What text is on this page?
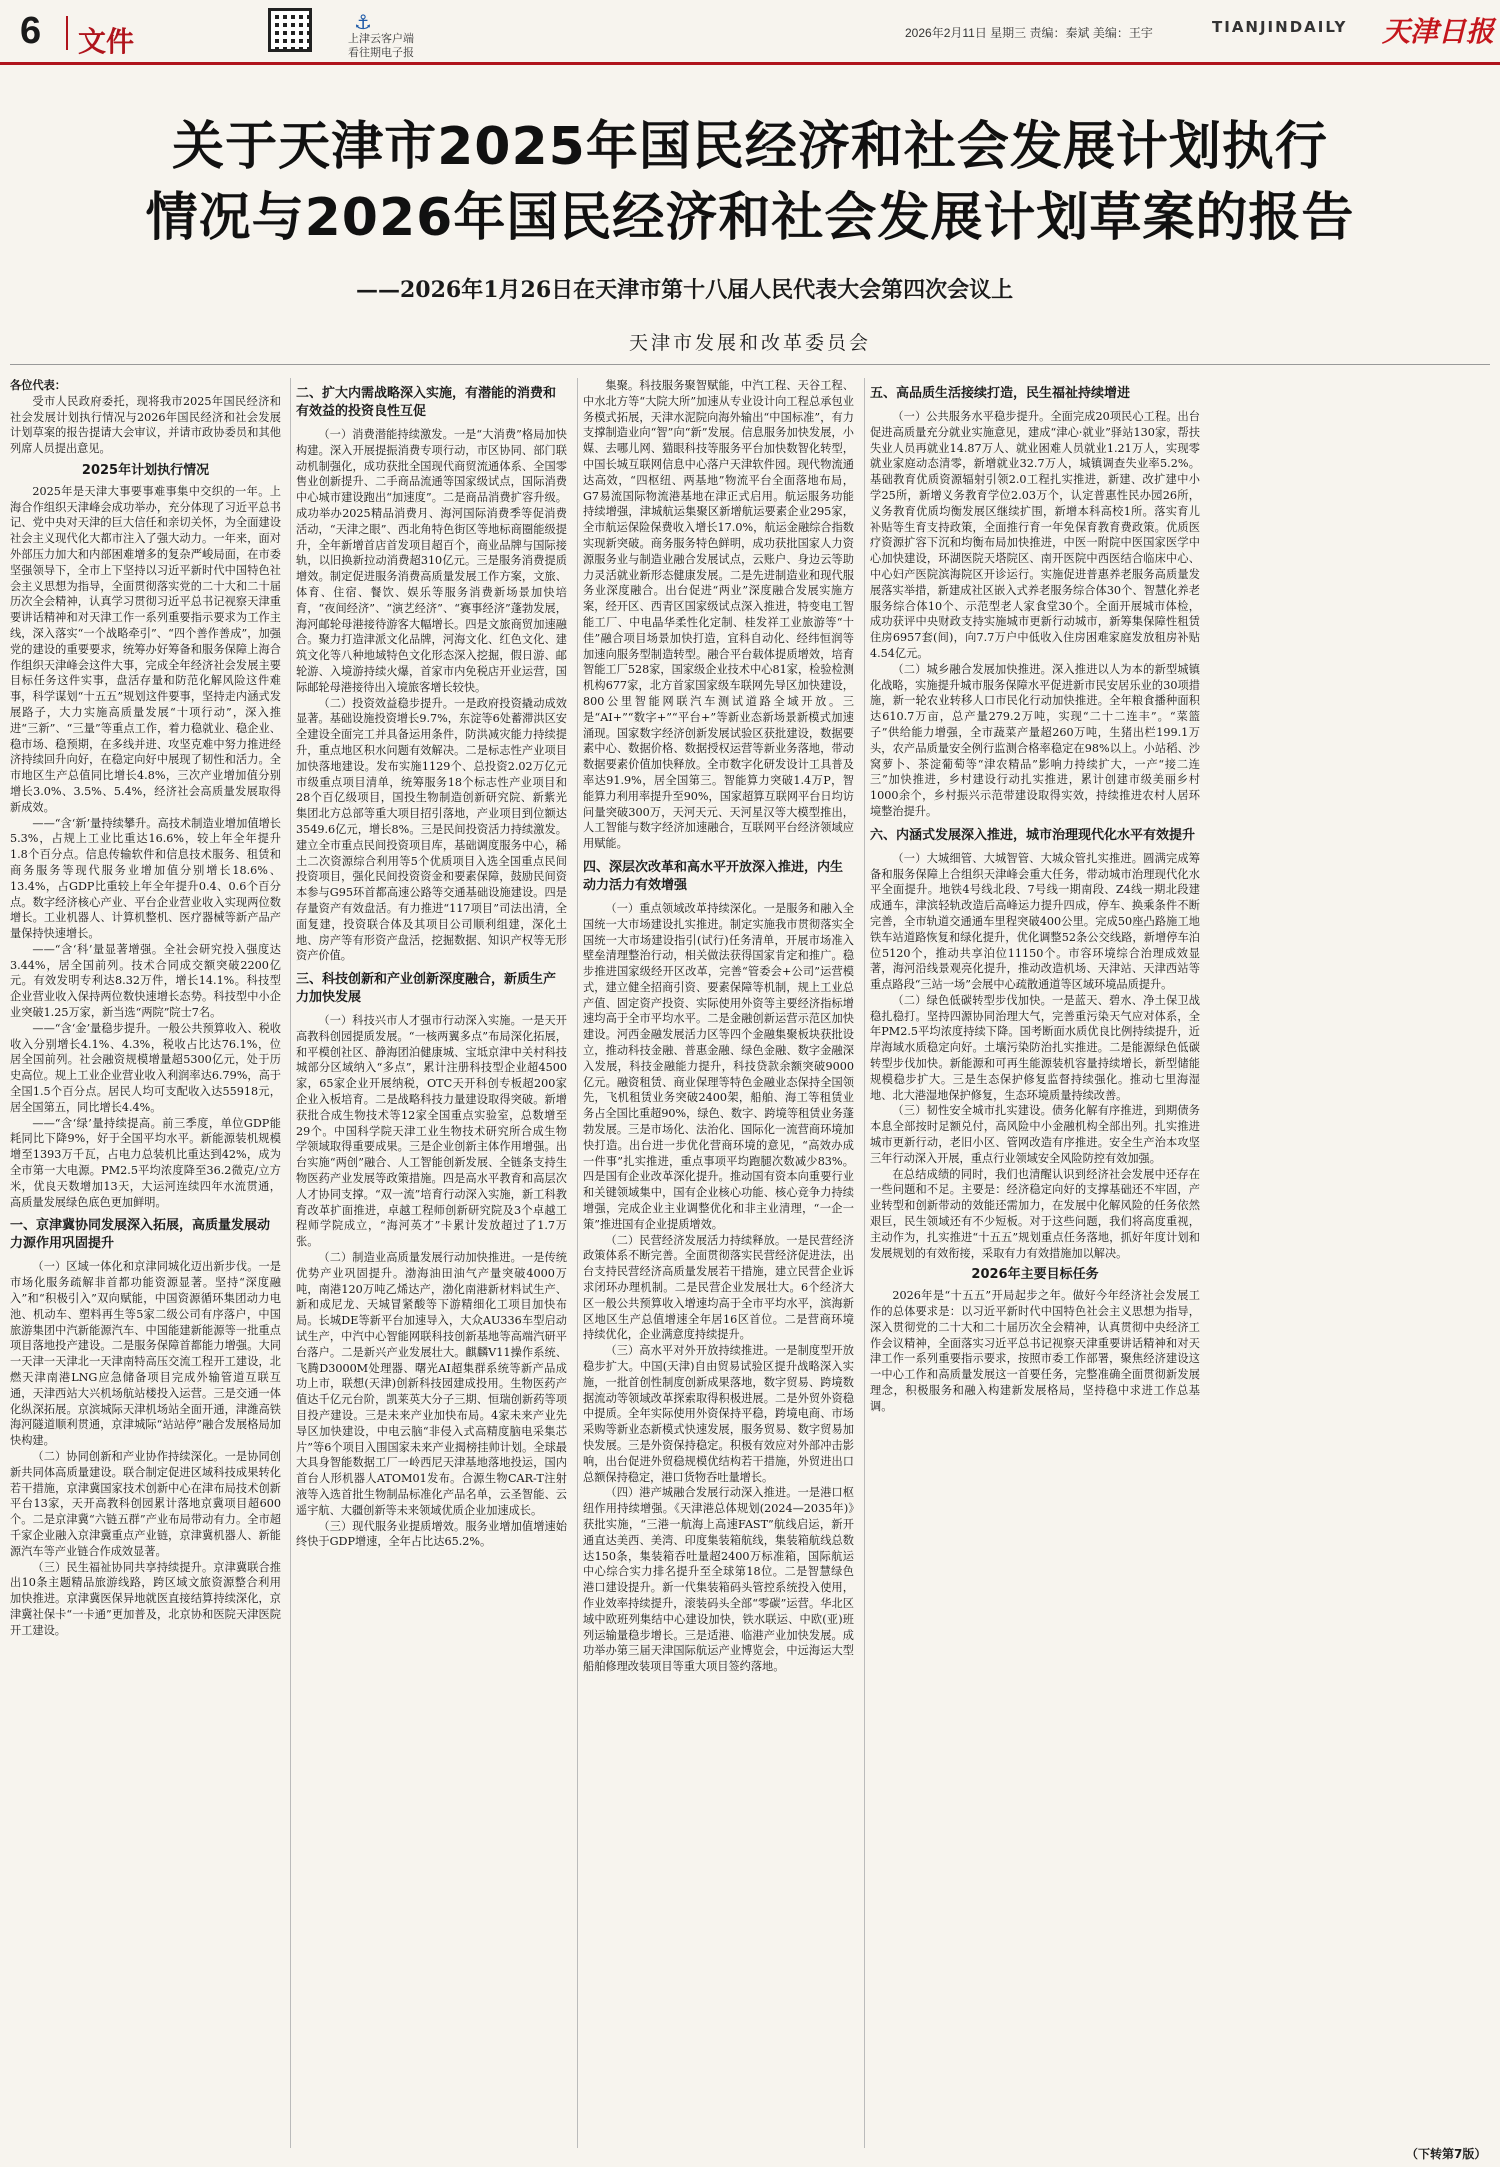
6 文件
⚓
上津云客户端
看往期电子报
2026年2月11日 星期三 责编：秦斌 美编：王宇	TIANJINDAILY 天津日报
关于天津市2025年国民经济和社会发展计划执行
情况与2026年国民经济和社会发展计划草案的报告
——2026年1月26日在天津市第十八届人民代表大会第四次会议上
天津市发展和改革委员会

各位代表：

受市人民政府委托，现将我市2025年国民经济和社会发展计划执行情况与2026年国民经济和社会发展计划草案的报告提请大会审议，并请市政协委员和其他列席人员提出意见。

2025年计划执行情况

2025年是天津大事要事难事集中交织的一年。上海合作组织天津峰会成功举办，充分体现了习近平总书记、党中央对天津的巨大信任和亲切关怀，为全面建设社会主义现代化大都市注入了强大动力。一年来，面对外部压力加大和内部困难增多的复杂严峻局面，在市委坚强领导下，全市上下坚持以习近平新时代中国特色社会主义思想为指导，全面贯彻落实党的二十大和二十届历次全会精神，认真学习贯彻习近平总书记视察天津重要讲话精神和对天津工作一系列重要指示要求为工作主线，深入落实“一个战略牵引”、“四个善作善成”，加强党的建设的重要要求，统筹办好筹备和服务保障上海合作组织天津峰会这件大事，完成全年经济社会发展主要目标任务这件实事，盘活存量和防范化解风险这件难事，科学谋划“十五五”规划这件要事，坚持走内涵式发展路子，大力实施高质量发展“十项行动”，深入推进“三新”、“三量”等重点工作，着力稳就业、稳企业、稳市场、稳预期，在多线并进、攻坚克难中努力推进经济持续回升向好，在稳定向好中展现了韧性和活力。全市地区生产总值同比增长4.8%，三次产业增加值分别增长3.0%、3.5%、5.4%，经济社会高质量发展取得新成效。

——“含‘新’量持续攀升。高技术制造业增加值增长5.3%，占规上工业比重达16.6%，较上年全年提升1.8个百分点。信息传输软件和信息技术服务、租赁和商务服务等现代服务业增加值分别增长18.6%、13.4%，占GDP比重较上年全年提升0.4、0.6个百分点。数字经济核心产业、平台企业营业收入实现两位数增长。工业机器人、计算机整机、医疗器械等新产品产量保持快速增长。

——“含‘科’量显著增强。全社会研究投入强度达3.44%，居全国前列。技术合同成交额突破2200亿元。有效发明专利达8.32万件，增长14.1%。科技型企业营业收入保持两位数快速增长态势。科技型中小企业突破1.25万家，新当选“两院”院士7名。

——“含‘金’量稳步提升。一般公共预算收入、税收收入分别增长4.1%、4.3%，税收占比达76.1%，位居全国前列。社会融资规模增量超5300亿元，处于历史高位。规上工业企业营业收入利润率达6.79%，高于全国1.5个百分点。居民人均可支配收入达55918元，居全国第五，同比增长4.4%。

——“含‘绿’量持续提高。前三季度，单位GDP能耗同比下降9%，好于全国平均水平。新能源装机规模增至1393万千瓦，占电力总装机比重达到42%，成为全市第一大电源。PM2.5平均浓度降至36.2微克/立方米，优良天数增加13天，大运河连续四年水流贯通，高质量发展绿色底色更加鲜明。

一、京津冀协同发展深入拓展，高质量发展动力源作用巩固提升

（一）区域一体化和京津同城化迈出新步伐。一是市场化服务疏解非首都功能资源显著。坚持“深度融入”和“积极引入”双向赋能，中国资源循环集团动力电池、机动车、塑料再生等5家二级公司有序落户，中国旅游集团中汽新能源汽车、中国能建新能源等一批重点项目落地投产建设。二是服务保障首都能力增强。大同一天津一天津北一天津南特高压交流工程开工建设，北燃天津南港LNG应急储备项目完成外输管道互联互通，天津西站大兴机场航站楼投入运营。三是交通一体化纵深拓展。京滨城际天津机场站全面开通，津潍高铁海河隧道顺利贯通，京津城际“站站停”融合发展格局加快构建。

（二）协同创新和产业协作持续深化。一是协同创新共同体高质量建设。联合制定促进区域科技成果转化若干措施，京津冀国家技术创新中心在津布局技术创新平台13家，天开高教科创园累计落地京冀项目超600个。二是京津冀“六链五群”产业布局带动有力。全市超千家企业融入京津冀重点产业链，京津冀机器人、新能源汽车等产业链合作成效显著。

（三）民生福祉协同共享持续提升。京津冀联合推出10条主题精品旅游线路，跨区域文旅资源整合利用加快推进。京津冀医保异地就医直接结算持续深化，京津冀社保卡“一卡通”更加普及，北京协和医院天津医院开工建设。

二、扩大内需战略深入实施，有潜能的消费和有效益的投资良性互促

（一）消费潜能持续激发。一是“大消费”格局加快构建。深入开展提振消费专项行动，市区协同、部门联动机制强化，成功获批全国现代商贸流通体系、全国零售业创新提升、二手商品流通等国家级试点，国际消费中心城市建设跑出“加速度”。二是商品消费扩容升级。成功举办2025精品消费月、海河国际消费季等促消费活动，“天津之眼”、西北角特色街区等地标商圈能级提升，全年新增首店首发项目超百个，商业品牌与国际接轨，以旧换新拉动消费超310亿元。三是服务消费提质增效。制定促进服务消费高质量发展工作方案，文旅、体育、住宿、餐饮、娱乐等服务消费新场景加快培育，“夜间经济”、“演艺经济”、“赛事经济”蓬勃发展，海河邮轮母港接待游客大幅增长。四是文旅商贸加速融合。聚力打造津派文化品牌，河海文化、红色文化、建筑文化等八种地域特色文化形态深入挖掘，假日游、邮轮游、入境游持续火爆，首家市内免税店开业运营，国际邮轮母港接待出入境旅客增长较快。

（二）投资效益稳步提升。一是政府投资撬动成效显著。基础设施投资增长9.7%，东淀等6处蓄滞洪区安全建设全面完工并具备运用条件，防洪减灾能力持续提升，重点地区积水问题有效解决。二是标志性产业项目加快落地建设。发布实施1129个、总投资2.02万亿元市级重点项目清单，统筹服务18个标志性产业项目和28个百亿级项目，国投生物制造创新研究院、新紫光集团北方总部等重大项目招引落地，产业项目到位额达3549.6亿元，增长8%。三是民间投资活力持续激发。建立全市重点民间投资项目库，基础调度服务中心，稀土二次资源综合利用等5个优质项目入选全国重点民间投资项目，强化民间投资资金和要素保障，鼓励民间资本参与G95环首都高速公路等交通基础设施建设。四是存量资产有效盘活。有力推进“117项目”司法出清，全面复建，投资联合体及其项目公司顺利组建，深化土地、房产等有形资产盘活，挖掘数据、知识产权等无形资产价值。

三、科技创新和产业创新深度融合，新质生产力加快发展

（一）科技兴市人才强市行动深入实施。一是天开高教科创园提质发展。“一核两翼多点”布局深化拓展，和平模创社区、静海团泊健康城、宝坻京津中关村科技城部分区域纳入“多点”，累计注册科技型企业超4500家，65家企业开展纳税，OTC天开科创专板超200家企业入板培育。二是战略科技力量建设取得突破。新增获批合成生物技术等12家全国重点实验室，总数增至29个。中国科学院天津工业生物技术研究所合成生物学领域取得重要成果。三是企业创新主体作用增强。出台实施“两创”融合、人工智能创新发展、全链条支持生物医药产业发展等政策措施。四是高水平教育和高层次人才协同支撑。“双一流”培育行动深入实施，新工科教育改革扩面推进，卓越工程师创新研究院及3个卓越工程师学院成立，“海河英才”卡累计发放超过了1.7万张。

（二）制造业高质量发展行动加快推进。一是传统优势产业巩固提升。渤海油田油气产量突破4000万吨，南港120万吨乙烯达产，渤化南港新材料试生产、新和成尼龙、天城冒紧酸等下游精细化工项目加快布局。长城DE等新平台加速导入，大众AU336车型启动试生产，中汽中心智能网联科技创新基地等高端汽研平台落户。二是新兴产业发展壮大。麒麟V11操作系统、飞腾D3000M处理器、曙光AI超集群系统等新产品成功上市，联想(天津)创新科技园建成投用。生物医药产值达千亿元台阶，凯莱英大分子三期、恒瑞创新药等项目投产建设。三是未来产业加快布局。4家未来产业先导区加快建设，中电云脑“非侵入式高精度脑电采集芯片”等6个项目入围国家未来产业揭榜挂帅计划。全球最大具身智能数据工厂一岭西尼天津基地落地投运，国内首台人形机器人ATOM01发布。合源生物CAR-T注射液等入选首批生物制品标准化产品名单，云圣智能、云遥宇航、大疆创新等未来领域优质企业加速成长。

（三）现代服务业提质增效。服务业增加值增速始终快于GDP增速，全年占比达65.2%。

集聚。科技服务聚智赋能，中汽工程、天谷工程、中水北方等“大院大所”加速从专业设计向工程总承包业务模式拓展，天津水泥院向海外输出“中国标准”，有力支撑制造业向“智”向“新”发展。信息服务加快发展，小媒、去哪儿网、猫眼科技等服务平台加快数智化转型，中国长城互联网信息中心落户天津软件园。现代物流通达高效，“四枢纽、两基地”物流平台全面落地布局，G7易流国际物流港基地在津正式启用。航运服务功能持续增强，津城航运集聚区新增航运要素企业295家，全市航运保险保费收入增长17.0%，航运金融综合指数实现新突破。商务服务特色鲜明，成功获批国家人力资源服务业与制造业融合发展试点，云账户、身边云等助力灵活就业新形态健康发展。二是先进制造业和现代服务业深度融合。出台促进“两业”深度融合发展实施方案，经开区、西青区国家级试点深入推进，特变电工智能工厂、中电晶华柔性化定制、桂发祥工业旅游等“十佳”融合项目场景加快打造，宜科自动化、经纬恒润等加速向服务型制造转型。融合平台载体提质增效，培育智能工厂528家，国家级企业技术中心81家，检验检测机构677家，北方首家国家级车联网先导区加快建设，800公里智能网联汽车测试道路全域开放。三是“AI+”“数字+”“平台+”等新业态新场景新模式加速涌现。国家数字经济创新发展试验区获批建设，数据要素中心、数据价格、数据授权运营等新业务落地，带动数据要素价值加快释放。全市数字化研发设计工具普及率达91.9%，居全国第三。智能算力突破1.4万P，智能算力利用率提升至90%，国家超算互联网平台日均访问量突破300万，天河天元、天河星汉等大模型推出，人工智能与数字经济加速融合，互联网平台经济领域应用赋能。

四、深层次改革和高水平开放深入推进，内生动力活力有效增强

（一）重点领域改革持续深化。一是服务和融入全国统一大市场建设扎实推进。制定实施我市贯彻落实全国统一大市场建设指引(试行)任务清单，开展市场准入壁垒清理整治行动，相关做法获得国家肯定和推广。稳步推进国家级经开区改革，完善“管委会+公司”运营模式，建立健全招商引资、要素保障等机制，规上工业总产值、固定资产投资、实际使用外资等主要经济指标增速均高于全市平均水平。二是金融创新运营示范区加快建设。河西金融发展活力区等四个金融集聚板块获批设立，推动科技金融、普惠金融、绿色金融、数字金融深入发展，科技金融能力提升，科技贷款余额突破9000亿元。融资租赁、商业保理等特色金融业态保持全国领先，飞机租赁业务突破2400架，船舶、海工等租赁业务占全国比重超90%，绿色、数字、跨境等租赁业务蓬勃发展。三是市场化、法治化、国际化一流营商环境加快打造。出台进一步优化营商环境的意见，“高效办成一件事”扎实推进，重点事项平均跑腿次数减少83%。四是国有企业改革深化提升。推动国有资本向重要行业和关键领域集中，国有企业核心功能、核心竞争力持续增强，完成企业主业调整优化和非主业清理，“一企一策”推进国有企业提质增效。

（二）民营经济发展活力持续释放。一是民营经济政策体系不断完善。全面贯彻落实民营经济促进法，出台支持民营经济高质量发展若干措施，建立民营企业诉求闭环办理机制。二是民营企业发展壮大。6个经济大区一般公共预算收入增速均高于全市平均水平，滨海新区地区生产总值增速全年居16区首位。二是营商环境持续优化，企业满意度持续提升。

（三）高水平对外开放持续推进。一是制度型开放稳步扩大。中国(天津)自由贸易试验区提升战略深入实施，一批首创性制度创新成果落地，数字贸易、跨境数据流动等领域改革探索取得积极进展。二是外贸外资稳中提质。全年实际使用外资保持平稳，跨境电商、市场采购等新业态新模式快速发展，服务贸易、数字贸易加快发展。三是外资保持稳定。积极有效应对外部冲击影响，出台促进外贸稳规模优结构若干措施，外贸进出口总额保持稳定，港口货物吞吐量增长。

（四）港产城融合发展行动深入推进。一是港口枢纽作用持续增强。《天津港总体规划(2024—2035年)》获批实施，“三港一航海上高速FAST”航线启运，新开通直达美西、美湾、印度集装箱航线，集装箱航线总数达150条，集装箱吞吐量超2400万标准箱，国际航运中心综合实力排名提升至全球第18位。二是智慧绿色港口建设提升。新一代集装箱码头管控系统投入使用，作业效率持续提升，滚装码头全部“零碳”运营。华北区域中欧班列集结中心建设加快，铁水联运、中欧(亚)班列运输量稳步增长。三是适港、临港产业加快发展。成功举办第三届天津国际航运产业博览会，中远海运大型船舶修理改装项目等重大项目签约落地。

五、高品质生活接续打造，民生福祉持续增进

（一）公共服务水平稳步提升。全面完成20项民心工程。出台促进高质量充分就业实施意见，建成“津心·就业”驿站130家，帮扶失业人员再就业14.87万人、就业困难人员就业1.21万人，实现零就业家庭动态清零，新增就业32.7万人，城镇调查失业率5.2%。基础教育优质资源辐射引领2.0工程扎实推进，新建、改扩建中小学25所，新增义务教育学位2.03万个，认定普惠性民办园26所，义务教育优质均衡发展区继续扩围，新增本科高校1所。落实育儿补贴等生育支持政策，全面推行育一年免保育教育费政策。优质医疗资源扩容下沉和均衡布局加快推进，中医一附院中医国家医学中心加快建设，环湖医院天塔院区、南开医院中西医结合临床中心、中心妇产医院滨海院区开诊运行。实施促进普惠养老服务高质量发展落实举措，新建成社区嵌入式养老服务综合体30个、智慧化养老服务综合体10个、示范型老人家食堂30个。全面开展城市体检，成功获评中央财政支持实施城市更新行动城市，新筹集保障性租赁住房6957套(间)，向7.7万户中低收入住房困难家庭发放租房补贴4.54亿元。

（二）城乡融合发展加快推进。深入推进以人为本的新型城镇化战略，实施提升城市服务保障水平促进新市民安居乐业的30项措施，新一轮农业转移人口市民化行动加快推进。全年粮食播种面积达610.7万亩，总产量279.2万吨，实现“二十二连丰”。“菜篮子”供给能力增强，全市蔬菜产量超260万吨，生猪出栏199.1万头，农产品质量安全例行监测合格率稳定在98%以上。小站稻、沙窝萝卜、茶淀葡萄等“津农精品”影响力持续扩大，一产“接二连三”加快推进，乡村建设行动扎实推进，累计创建市级美丽乡村1000余个，乡村振兴示范带建设取得实效，持续推进农村人居环境整治提升。

六、内涵式发展深入推进，城市治理现代化水平有效提升

（一）大城细管、大城智管、大城众管扎实推进。圆满完成筹备和服务保障上合组织天津峰会重大任务，带动城市治理现代化水平全面提升。地铁4号线北段、7号线一期南段、Z4线一期北段建成通车，津滨轻轨改造后高峰运力提升四成，停车、换乘条件不断完善，全市轨道交通通车里程突破400公里。完成50座凸路施工地铁车站道路恢复和绿化提升，优化调整52条公交线路，新增停车泊位5120个，推动共享泊位11150个。市容环境综合治理成效显著，海河沿线景观亮化提升，推动改造机场、天津站、天津西站等重点路段“三站一场”会展中心疏散通道等区域环境品质提升。

（二）绿色低碳转型步伐加快。一是蓝天、碧水、净土保卫战稳扎稳打。坚持四源协同治理大气，完善重污染天气应对体系，全年PM2.5平均浓度持续下降。国考断面水质优良比例持续提升，近岸海域水质稳定向好。土壤污染防治扎实推进。二是能源绿色低碳转型步伐加快。新能源和可再生能源装机容量持续增长，新型储能规模稳步扩大。三是生态保护修复监督持续强化。推动七里海湿地、北大港湿地保护修复，生态环境质量持续改善。

（三）韧性安全城市扎实建设。债务化解有序推进，到期债务本息全部按时足额兑付，高风险中小金融机构全部出列。扎实推进城市更新行动，老旧小区、管网改造有序推进。安全生产治本攻坚三年行动深入开展，重点行业领域安全风险防控有效加强。

在总结成绩的同时，我们也清醒认识到经济社会发展中还存在一些问题和不足。主要是：经济稳定向好的支撑基础还不牢固，产业转型和创新带动的效能还需加力，在发展中化解风险的任务依然艰巨，民生领域还有不少短板。对于这些问题，我们将高度重视，主动作为，扎实推进“十五五”规划重点任务落地，抓好年度计划和发展规划的有效衔接，采取有力有效措施加以解决。

2026年主要目标任务

2026年是“十五五”开局起步之年。做好今年经济社会发展工作的总体要求是：以习近平新时代中国特色社会主义思想为指导，深入贯彻党的二十大和二十届历次全会精神，认真贯彻中央经济工作会议精神，全面落实习近平总书记视察天津重要讲话精神和对天津工作一系列重要指示要求，按照市委工作部署，聚焦经济建设这一中心工作和高质量发展这一首要任务，完整准确全面贯彻新发展理念，积极服务和融入构建新发展格局，坚持稳中求进工作总基调。

（下转第7版）
